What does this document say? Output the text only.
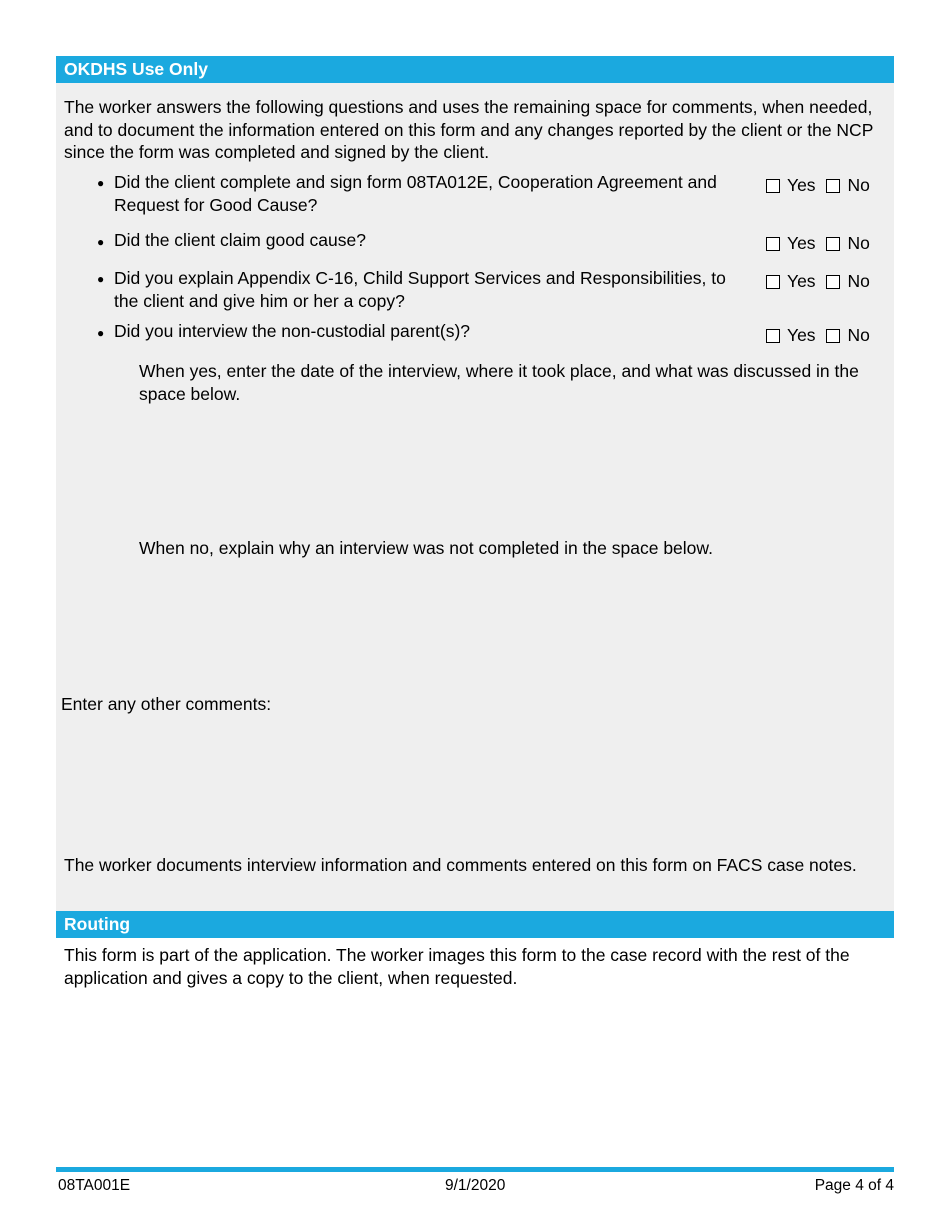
OKDHS Use Only
The worker answers the following questions and uses the remaining space for comments, when needed, and to document the information entered on this form and any changes reported by the client or the NCP since the form was completed and signed by the client.
● Did the client complete and sign form 08TA012E, Cooperation Agreement and Request for Good Cause?
Yes No
● Did the client claim good cause?	Yes No
● Did you explain Appendix C-16, Child Support Services and Responsibilities, to the client and give him or her a copy?
Yes No
● Did you interview the non-custodial parent(s)?	Yes No
When yes, enter the date of the interview, where it took place, and what was discussed in the space below.
When no, explain why an interview was not completed in the space below.
Enter any other comments:
The worker documents interview information and comments entered on this form on FACS case notes.
Routing
This form is part of the application. The worker images this form to the case record with the rest of the application and gives a copy to the client, when requested.
08TA001E	9/1/2020	Page 4 of 4
